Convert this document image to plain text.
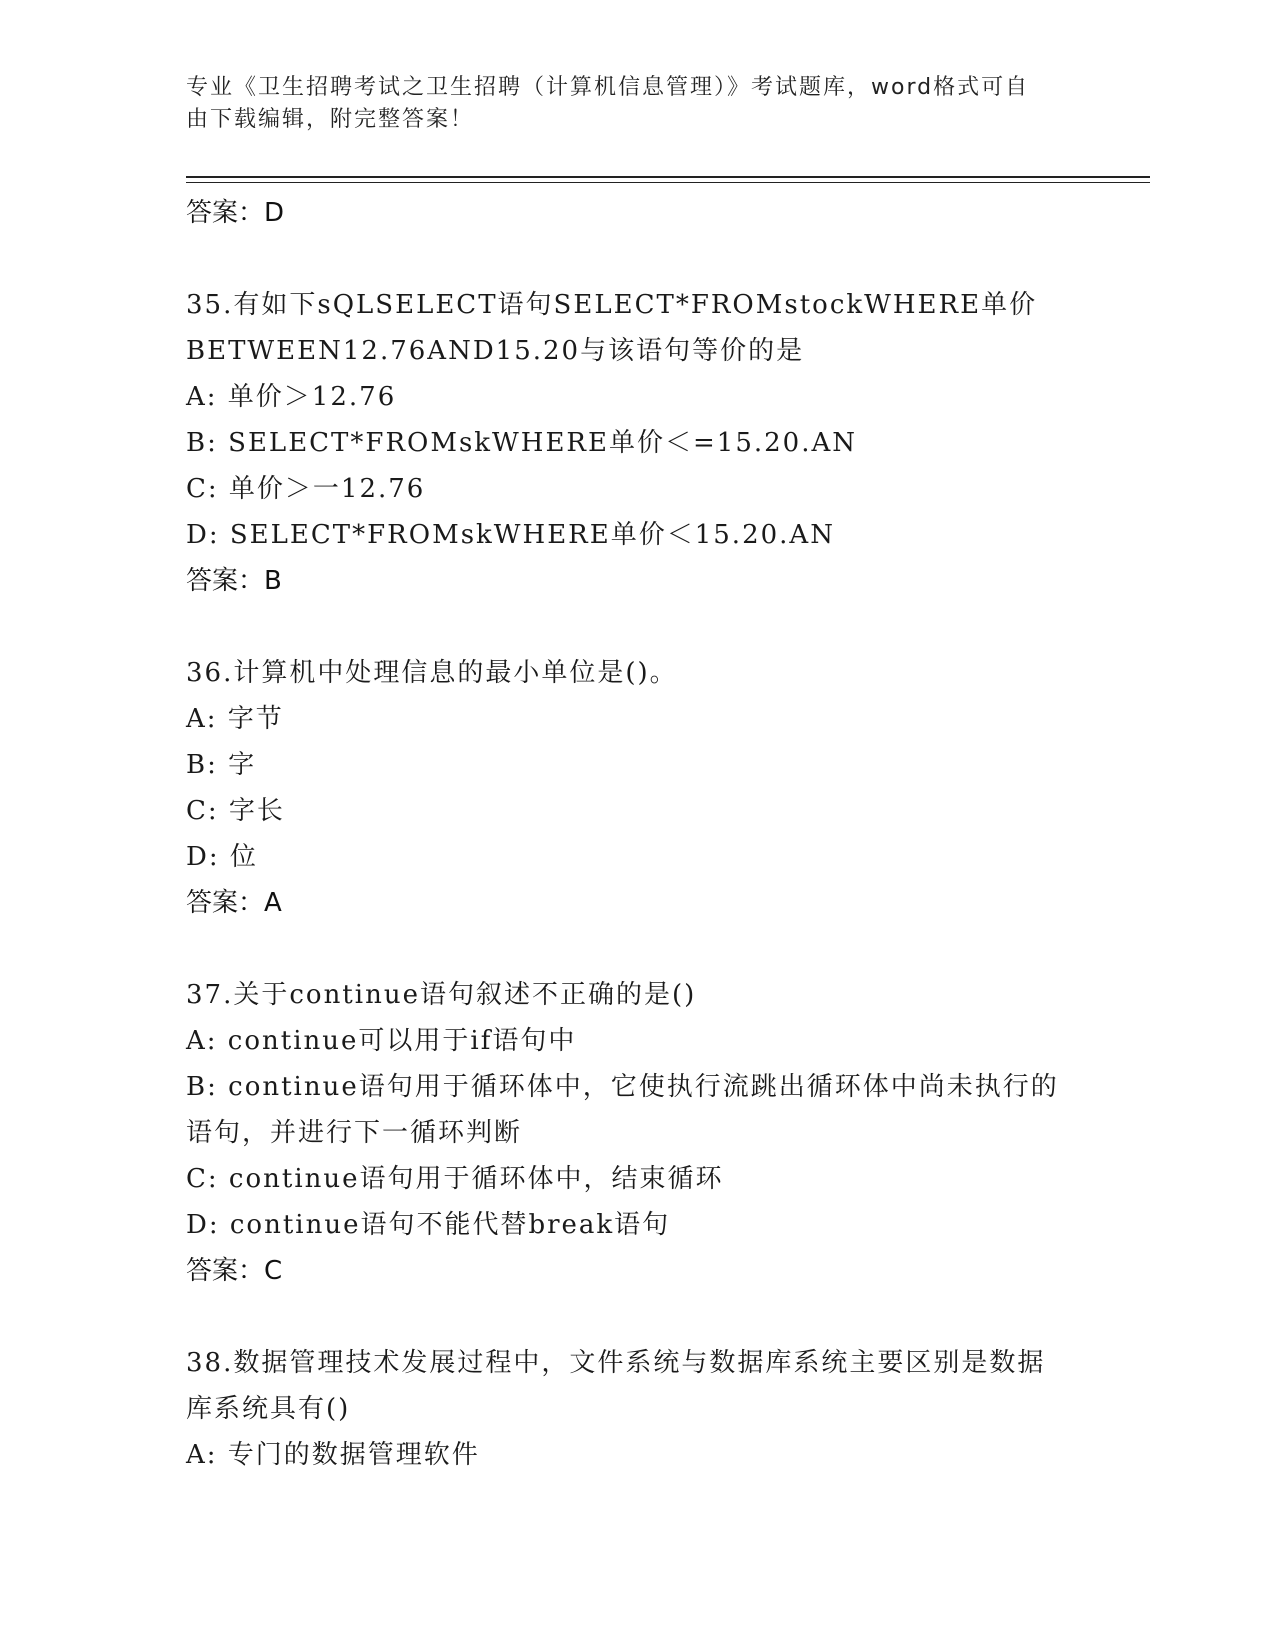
专业《卫生招聘考试之卫生招聘（计算机信息管理）》考试题库，word格式可自
由下载编辑，附完整答案！
答案：D
35.有如下sQLSELECT语句SELECT*FROMstockWHERE单价
BETWEEN12.76AND15.20与该语句等价的是
A: 单价＞12.76
B: SELECT*FROMskWHERE单价＜=15.20.AN
C: 单价＞一12.76
D: SELECT*FROMskWHERE单价＜15.20.AN
答案：B
36.计算机中处理信息的最小单位是()。
A: 字节
B: 字
C: 字长
D: 位
答案：A
37.关于continue语句叙述不正确的是()
A: continue可以用于if语句中
B: continue语句用于循环体中，它使执行流跳出循环体中尚未执行的语句，并进行下一循环判断
C: continue语句用于循环体中，结束循环
D: continue语句不能代替break语句
答案：C
38.数据管理技术发展过程中，文件系统与数据库系统主要区别是数据
库系统具有()
A: 专门的数据管理软件
